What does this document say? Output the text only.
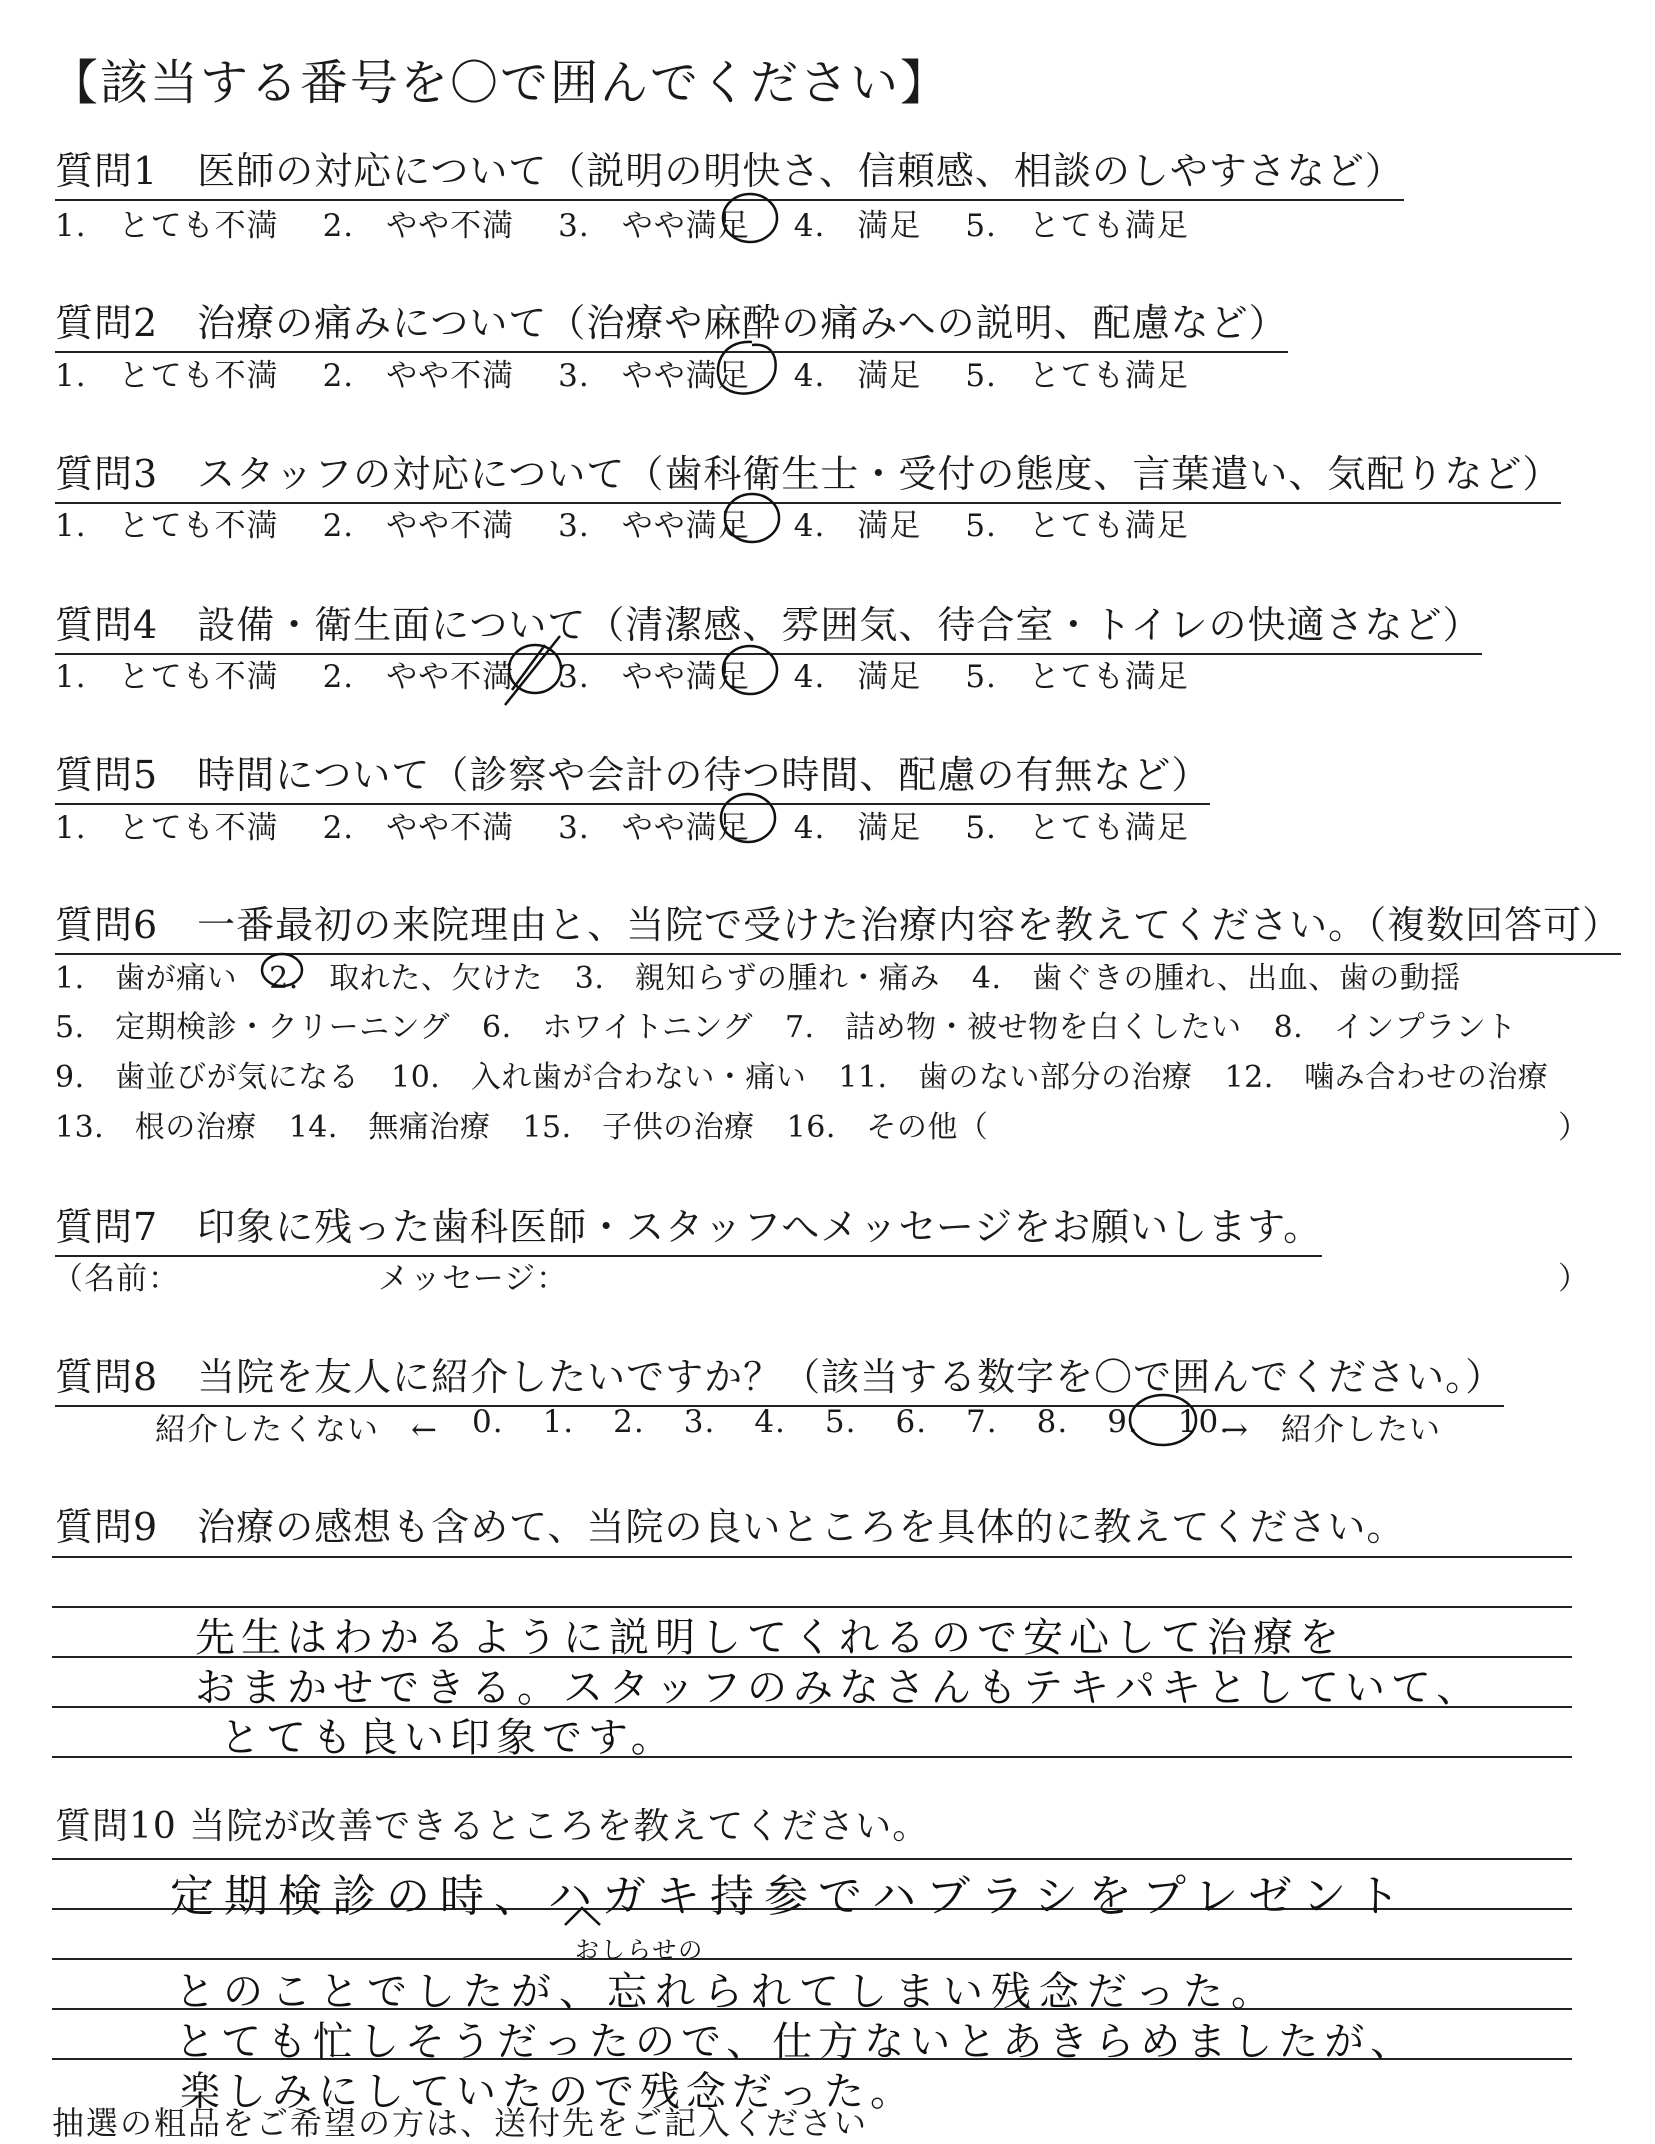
【該当する番号を〇で囲んでください】
質問1　医師の対応について（説明の明快さ、信頼感、相談のしやすさなど）
1.　とても不満 2.　やや不満 3.　やや満足 4.　満足 5.　とても満足
質問2　治療の痛みについて（治療や麻酔の痛みへの説明、配慮など）
1.　とても不満 2.　やや不満 3.　やや満足 4.　満足 5.　とても満足
質問3　スタッフの対応について（歯科衛生士・受付の態度、言葉遣い、気配りなど）
1.　とても不満 2.　やや不満 3.　やや満足 4.　満足 5.　とても満足
質問4　設備・衛生面について（清潔感、雰囲気、待合室・トイレの快適さなど）
1.　とても不満 2.　やや不満 3.　やや満足 4.　満足 5.　とても満足
質問5　時間について（診察や会計の待つ時間、配慮の有無など）
1.　とても不満 2.　やや不満 3.　やや満足 4.　満足 5.　とても満足
質問6　一番最初の来院理由と、当院で受けた治療内容を教えてください。（複数回答可）
1.　歯が痛い 2.　取れた、欠けた 3.　親知らずの腫れ・痛み 4.　歯ぐきの腫れ、出血、歯の動揺
5.　定期検診・クリーニング 6.　ホワイトニング 7.　詰め物・被せ物を白くしたい 8.　インプラント
9.　歯並びが気になる 10.　入れ歯が合わない・痛い 11.　歯のない部分の治療 12.　噛み合わせの治療
13.　根の治療 14.　無痛治療 15.　子供の治療 16.　その他（	）
質問7　印象に残った歯科医師・スタッフへメッセージをお願いします。
（名前：	メッセージ：	）
質問8　当院を友人に紹介したいですか？（該当する数字を〇で囲んでください。）
紹介したくない　← 0. 1. 2. 3. 4. 5. 6. 7. 8. 9. 10.
→　紹介したい
質問9　治療の感想も含めて、当院の良いところを具体的に教えてください。
先生はわかるように説明してくれるので安心して治療を
おまかせできる。スタッフのみなさんもテキパキとしていて、
とても良い印象です。
質問10 当院が改善できるところを教えてください。
定期検診の時、ハガキ持参でハブラシをプレゼント
おしらせの
とのことでしたが、忘れられてしまい残念だった。
とても忙しそうだったので、仕方ないとあきらめましたが、
楽しみにしていたので残念だった。
抽選の粗品をご希望の方は、送付先をご記入ください
